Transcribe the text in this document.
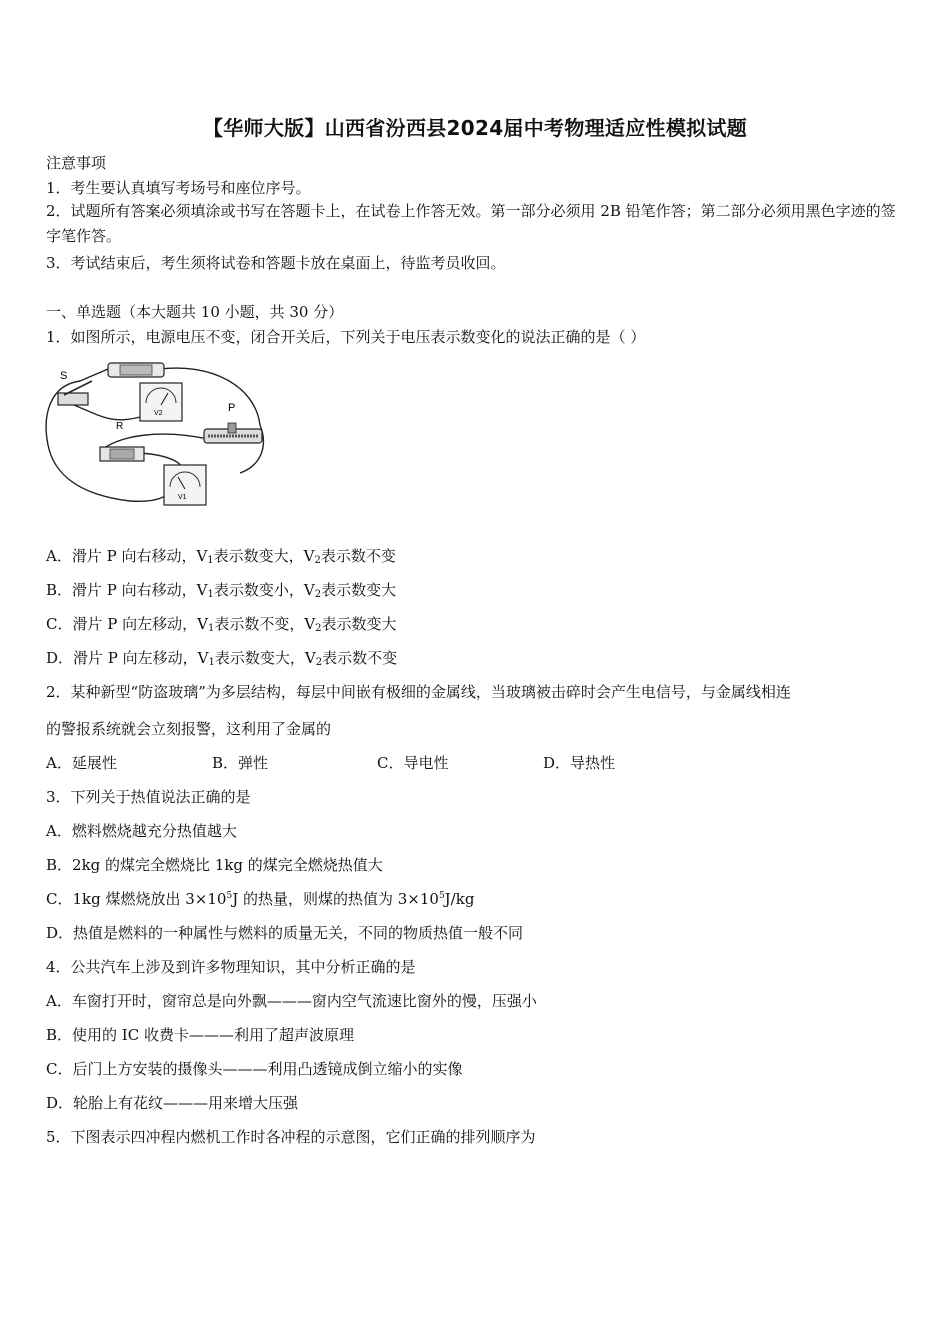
【华师大版】山西省汾西县2024届中考物理适应性模拟试题
注意事项
1．考生要认真填写考场号和座位序号。
2．试题所有答案必须填涂或书写在答题卡上，在试卷上作答无效。第一部分必须用 2B 铅笔作答；第二部分必须用黑色字迹的签字笔作答。
3．考试结束后，考生须将试卷和答题卡放在桌面上，待监考员收回。
一、单选题（本大题共 10 小题，共 30 分）
1．如图所示，电源电压不变，闭合开关后，下列关于电压表示数变化的说法正确的是（ ）
S
V2	P
R
V1
A．滑片 P 向右移动，$V_1$表示数变大，$V_2$表示数不变
B．滑片 P 向右移动，$V_1$表示数变小，$V_2$表示数变大
C．滑片 P 向左移动，$V_1$表示数不变，$V_2$表示数变大
D．滑片 P 向左移动，$V_1$表示数变大，$V_2$表示数不变
2．某种新型“防盗玻璃”为多层结构，每层中间嵌有极细的金属线，当玻璃被击碎时会产生电信号，与金属线相连
的警报系统就会立刻报警，这利用了金属的
A．延展性	B．弹性	C．导电性	D．导热性
3．下列关于热值说法正确的是
A．燃料燃烧越充分热值越大
B．2kg 的煤完全燃烧比 1kg 的煤完全燃烧热值大
C．1kg 煤燃烧放出 $3\times 10^5J$ 的热量，则煤的热值为 $3\times 10^5J/kg$
D．热值是燃料的一种属性与燃料的质量无关，不同的物质热值一般不同
4．公共汽车上涉及到许多物理知识，其中分析正确的是
A．车窗打开时，窗帘总是向外飘———窗内空气流速比窗外的慢，压强小
B．使用的 IC 收费卡———利用了超声波原理
C．后门上方安装的摄像头———利用凸透镜成倒立缩小的实像
D．轮胎上有花纹———用来增大压强
5．下图表示四冲程内燃机工作时各冲程的示意图，它们正确的排列顺序为
